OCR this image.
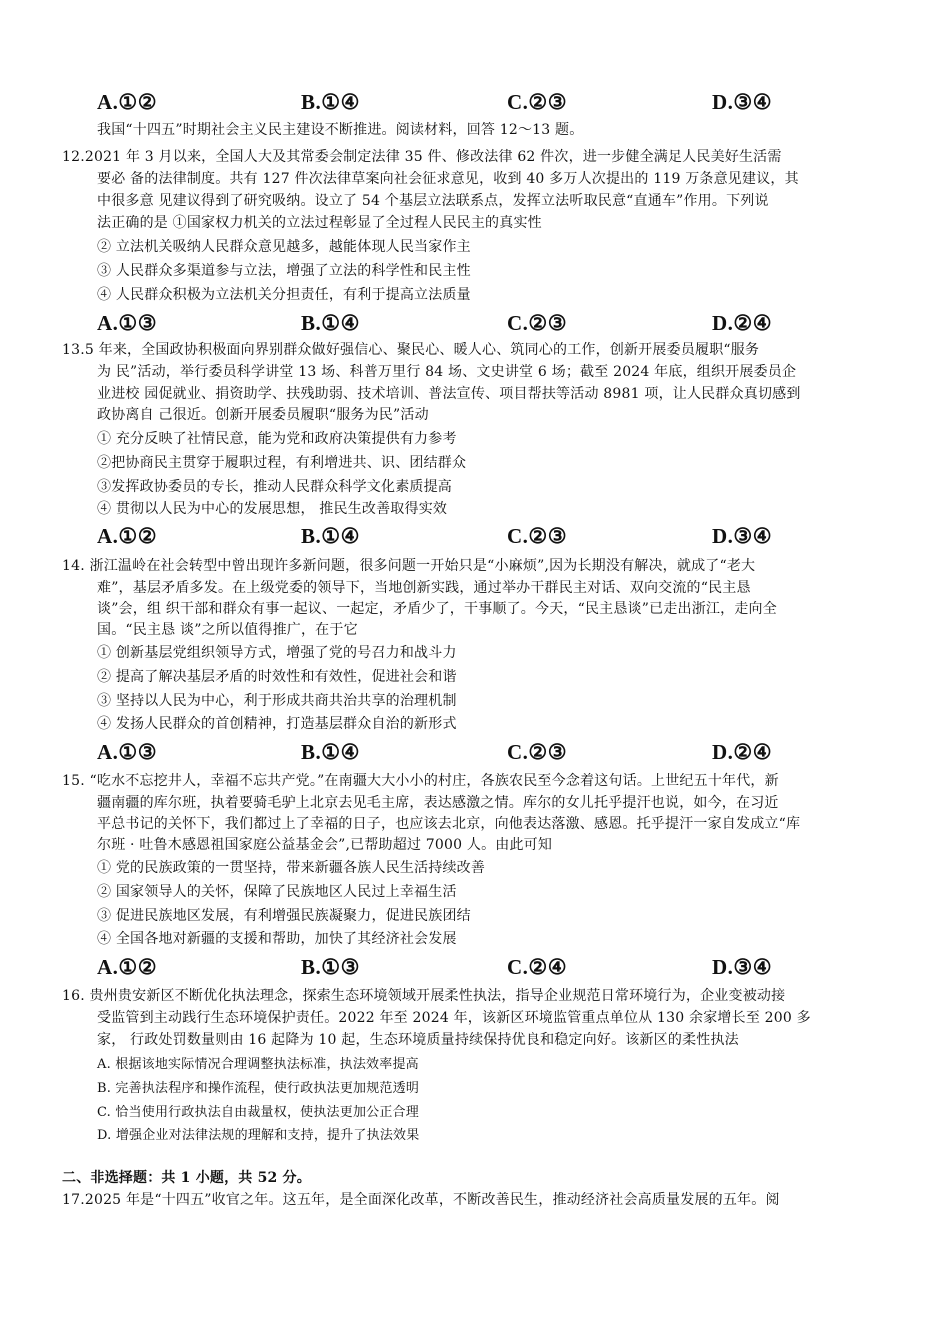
A.①②	B.①④	C.②③	D.③④
我国“十四五”时期社会主义民主建设不断推进。阅读材料，回答 12～13 题。
12.2021 年 3 月以来，全国人大及其常委会制定法律 35 件、修改法律 62 件次，进一步健全满足人民美好生活需
要必 备的法律制度。共有 127 件次法律草案向社会征求意见，收到 40 多万人次提出的 119 万条意见建议，其
中很多意 见建议得到了研究吸纳。设立了 54 个基层立法联系点，发挥立法听取民意“直通车”作用。下列说
法正确的是 ①国家权力机关的立法过程彰显了全过程人民民主的真实性
② 立法机关吸纳人民群众意见越多，越能体现人民当家作主
③ 人民群众多渠道参与立法，增强了立法的科学性和民主性
④ 人民群众积极为立法机关分担责任，有利于提高立法质量
A.①③	B.①④	C.②③	D.②④
13.5 年来，全国政协积极面向界别群众做好强信心、聚民心、暖人心、筑同心的工作，创新开展委员履职“服务
为 民”活动，举行委员科学讲堂 13 场、科普万里行 84 场、文史讲堂 6 场；截至 2024 年底，组织开展委员企
业进校 园促就业、捐资助学、扶残助弱、技术培训、普法宣传、项目帮扶等活动 8981 项，让人民群众真切感到
政协离自 己很近。创新开展委员履职“服务为民”活动
① 充分反映了社情民意，能为党和政府决策提供有力参考
②把协商民主贯穿于履职过程，有利增进共、识、团结群众
③发挥政协委员的专长，推动人民群众科学文化素质提高
④ 贯彻以人民为中心的发展思想， 推民生改善取得实效
A.①②	B.①④	C.②③	D.③④
14. 浙江温岭在社会转型中曾出现许多新问题，很多问题一开始只是“小麻烦”,因为长期没有解决，就成了“老大
难”，基层矛盾多发。在上级党委的领导下，当地创新实践，通过举办干群民主对话、双向交流的“民主恳
谈”会，组 织干部和群众有事一起议、一起定，矛盾少了，干事顺了。今天，“民主恳谈”已走出浙江，走向全
国。“民主恳 谈”之所以值得推广，在于它
① 创新基层党组织领导方式，增强了党的号召力和战斗力
② 提高了解决基层矛盾的时效性和有效性，促进社会和谐
③ 坚持以人民为中心，利于形成共商共治共享的治理机制
④ 发扬人民群众的首创精神，打造基层群众自治的新形式
A.①③	B.①④	C.②③	D.②④
15. “吃水不忘挖井人，幸福不忘共产党。”在南疆大大小小的村庄，各族农民至今念着这句话。上世纪五十年代，新
疆南疆的库尔班，执着要骑毛驴上北京去见毛主席，表达感激之情。库尔的女儿托乎提汗也说，如今，在习近
平总书记的关怀下，我们都过上了幸福的日子，也应该去北京，向他表达落激、感恩。托乎提汗一家自发成立“库
尔班 · 吐鲁木感恩祖国家庭公益基金会”,已帮助超过 7000 人。由此可知
① 党的民族政策的一贯坚持，带来新疆各族人民生活持续改善
② 国家领导人的关怀，保障了民族地区人民过上幸福生活
③ 促进民族地区发展，有利增强民族凝聚力，促进民族团结
④ 全国各地对新疆的支援和帮助，加快了其经济社会发展
A.①②	B.①③	C.②④	D.③④
16. 贵州贵安新区不断优化执法理念，探索生态环境领域开展柔性执法，指导企业规范日常环境行为，企业变被动接
受监管到主动践行生态环境保护责任。2022 年至 2024 年，该新区环境监管重点单位从 130 余家增长至 200 多
家， 行政处罚数量则由 16 起降为 10 起，生态环境质量持续保持优良和稳定向好。该新区的柔性执法
A. 根据该地实际情况合理调整执法标准，执法效率提高
B. 完善执法程序和操作流程，使行政执法更加规范透明
C. 恰当使用行政执法自由裁量权，使执法更加公正合理
D. 增强企业对法律法规的理解和支持，提升了执法效果
二、非选择题：共 1 小题，共 52 分。
17.2025 年是“十四五”收官之年。这五年，是全面深化改革，不断改善民生，推动经济社会高质量发展的五年。阅
